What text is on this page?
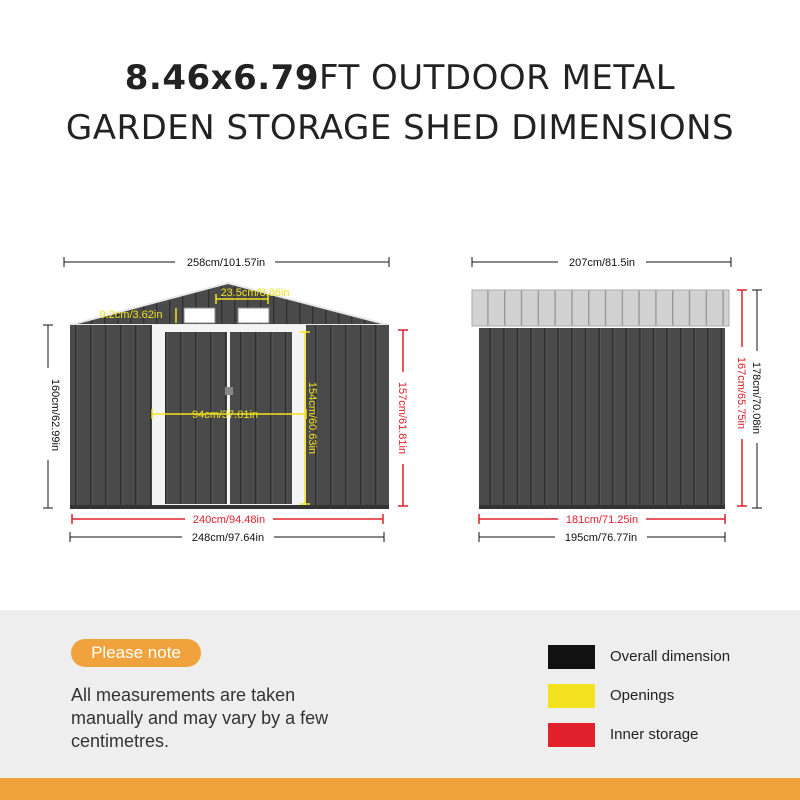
8.46x6.79FT OUTDOOR METAL
GARDEN STORAGE SHED DIMENSIONS
258cm/101.57in
248cm/97.64in
207cm/81.5in
195cm/76.77in
160cm/62.99in	178cm/70.08in
23.5cm/8.86in
9.2cm/3.62in
94cm/37.01in	154cm/60.63in	157cm/61.81in
240cm/94.48in
167cm/65.75in
181cm/71.25in
Please note
All measurements are taken manually and may vary by a few centimetres.
Overall dimension
Openings
Inner storage
